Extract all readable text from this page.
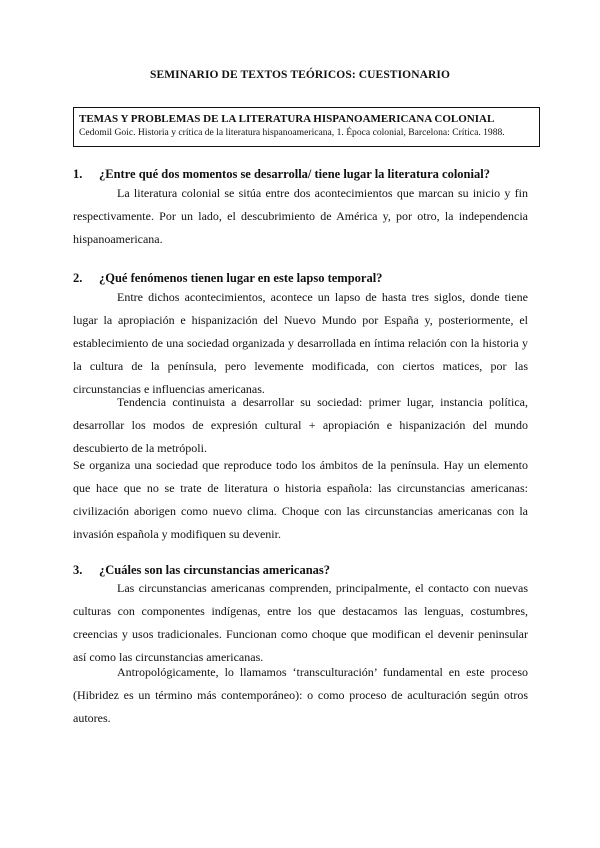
SEMINARIO DE TEXTOS TEÓRICOS: CUESTIONARIO
TEMAS Y PROBLEMAS DE LA LITERATURA HISPANOAMERICANA COLONIAL
Cedomil Goic. Historia y crítica de la literatura hispanoamericana, 1. Época colonial, Barcelona: Crítica. 1988.
1. ¿Entre qué dos momentos se desarrolla/ tiene lugar la literatura colonial?

La literatura colonial se sitúa entre dos acontecimientos que marcan su inicio y fin respectivamente. Por un lado, el descubrimiento de América y, por otro, la independencia hispanoamericana.

2. ¿Qué fenómenos tienen lugar en este lapso temporal?

Entre dichos acontecimientos, acontece un lapso de hasta tres siglos, donde tiene lugar la apropiación e hispanización del Nuevo Mundo por España y, posteriormente, el establecimiento de una sociedad organizada y desarrollada en íntima relación con la historia y la cultura de la península, pero levemente modificada, con ciertos matices, por las circunstancias e influencias americanas.

Tendencia continuista a desarrollar su sociedad: primer lugar, instancia política, desarrollar los modos de expresión cultural + apropiación e hispanización del mundo descubierto de la metrópoli.

Se organiza una sociedad que reproduce todo los ámbitos de la península. Hay un elemento que hace que no se trate de literatura o historia española: las circunstancias americanas: civilización aborigen como nuevo clima. Choque con las circunstancias americanas con la invasión española y modifiquen su devenir.

3. ¿Cuáles son las circunstancias americanas?

Las circunstancias americanas comprenden, principalmente, el contacto con nuevas culturas con componentes indígenas, entre los que destacamos las lenguas, costumbres, creencias y usos tradicionales. Funcionan como choque que modifican el devenir peninsular así como las circunstancias americanas.

Antropológicamente, lo llamamos ‘transculturación’ fundamental en este proceso (Hibridez es un término más contemporáneo): o como proceso de aculturación según otros autores.
